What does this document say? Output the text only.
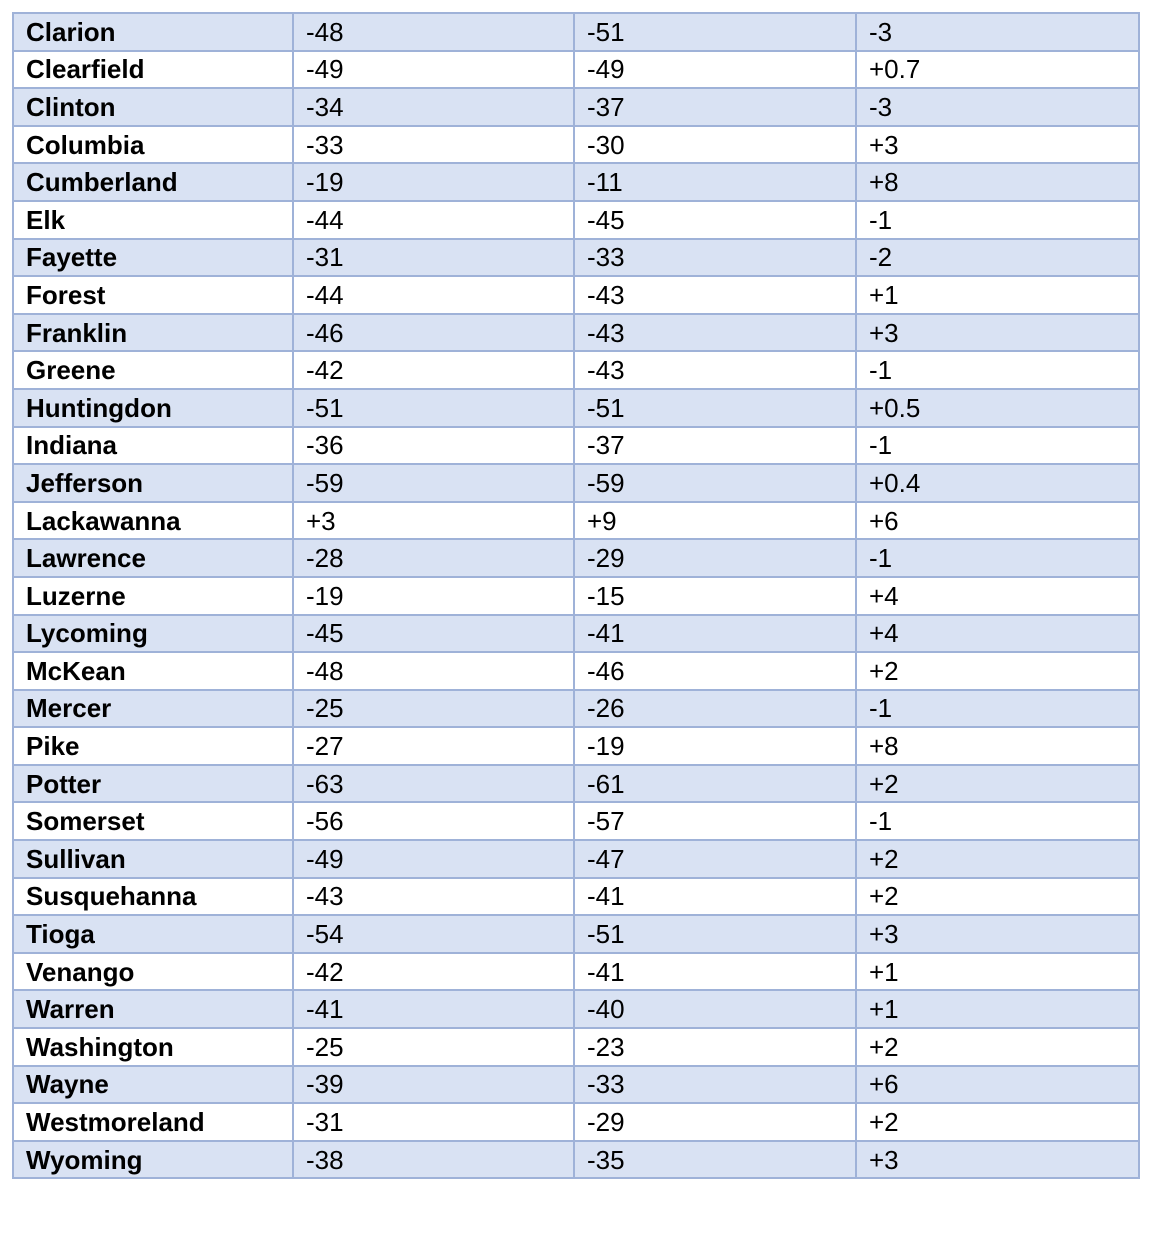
Clarion	-48	-51	-3
Clearfield	-49	-49	+0.7
Clinton	-34	-37	-3
Columbia	-33	-30	+3
Cumberland	-19	-11	+8
Elk	-44	-45	-1
Fayette	-31	-33	-2
Forest	-44	-43	+1
Franklin	-46	-43	+3
Greene	-42	-43	-1
Huntingdon	-51	-51	+0.5
Indiana	-36	-37	-1
Jefferson	-59	-59	+0.4
Lackawanna	+3	+9	+6
Lawrence	-28	-29	-1
Luzerne	-19	-15	+4
Lycoming	-45	-41	+4
McKean	-48	-46	+2
Mercer	-25	-26	-1
Pike	-27	-19	+8
Potter	-63	-61	+2
Somerset	-56	-57	-1
Sullivan	-49	-47	+2
Susquehanna	-43	-41	+2
Tioga	-54	-51	+3
Venango	-42	-41	+1
Warren	-41	-40	+1
Washington	-25	-23	+2
Wayne	-39	-33	+6
Westmoreland	-31	-29	+2
Wyoming	-38	-35	+3
